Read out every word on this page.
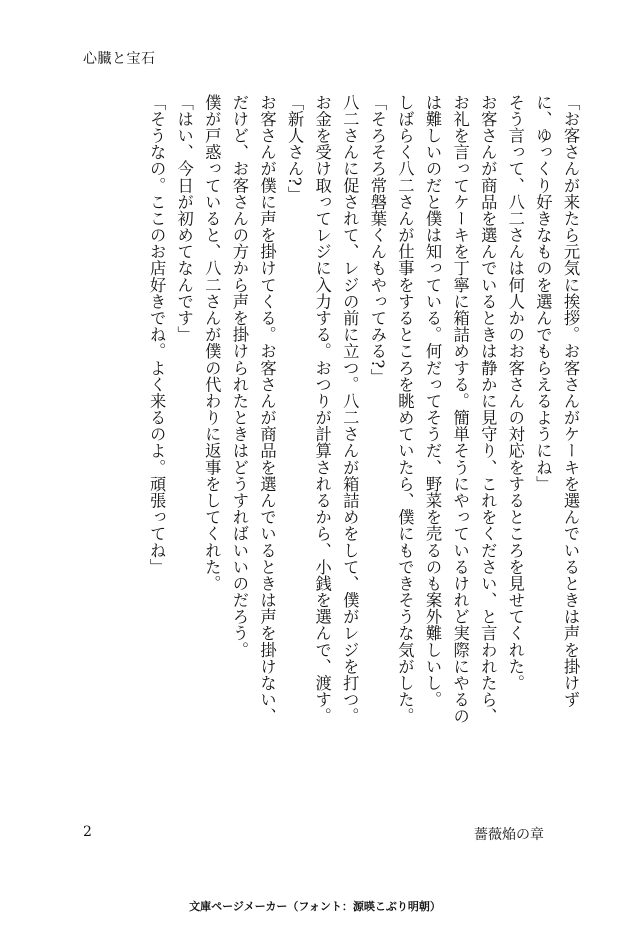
心臓と宝石

「お客さんが来たら元気に挨拶。お客さんがケーキを選んでいるときは声を掛けずに、ゆっくり好きなものを選んでもらえるようにね」

そう言って、八二さんは何人かのお客さんの対応をするところを見せてくれた。

お客さんが商品を選んでいるときは静かに見守り、これをください、と言われたら、お礼を言ってケーキを丁寧に箱詰めする。簡単そうにやっているけれど実際にやるのは難しいのだと僕は知っている。何だってそうだ、野菜を売るのも案外難しいし。

しばらく八二さんが仕事をするところを眺めていたら、僕にもできそうな気がした。

「そろそろ常磐葉くんもやってみる?」

八二さんに促されて、レジの前に立つ。八二さんが箱詰めをして、僕がレジを打つ。お金を受け取ってレジに入力する。おつりが計算されるから、小銭を選んで、渡す。

「新人さん?」

お客さんが僕に声を掛けてくる。お客さんが商品を選んでいるときは声を掛けない、だけど、お客さんの方から声を掛けられたときはどうすればいいのだろう。

僕が戸惑っていると、八二さんが僕の代わりに返事をしてくれた。

「はい、今日が初めてなんです」

「そうなの。ここのお店好きでね。よく来るのよ。頑張ってね」

2	薔薇焔の章
文庫ページメーカー（フォント：源暎こぶり明朝）
